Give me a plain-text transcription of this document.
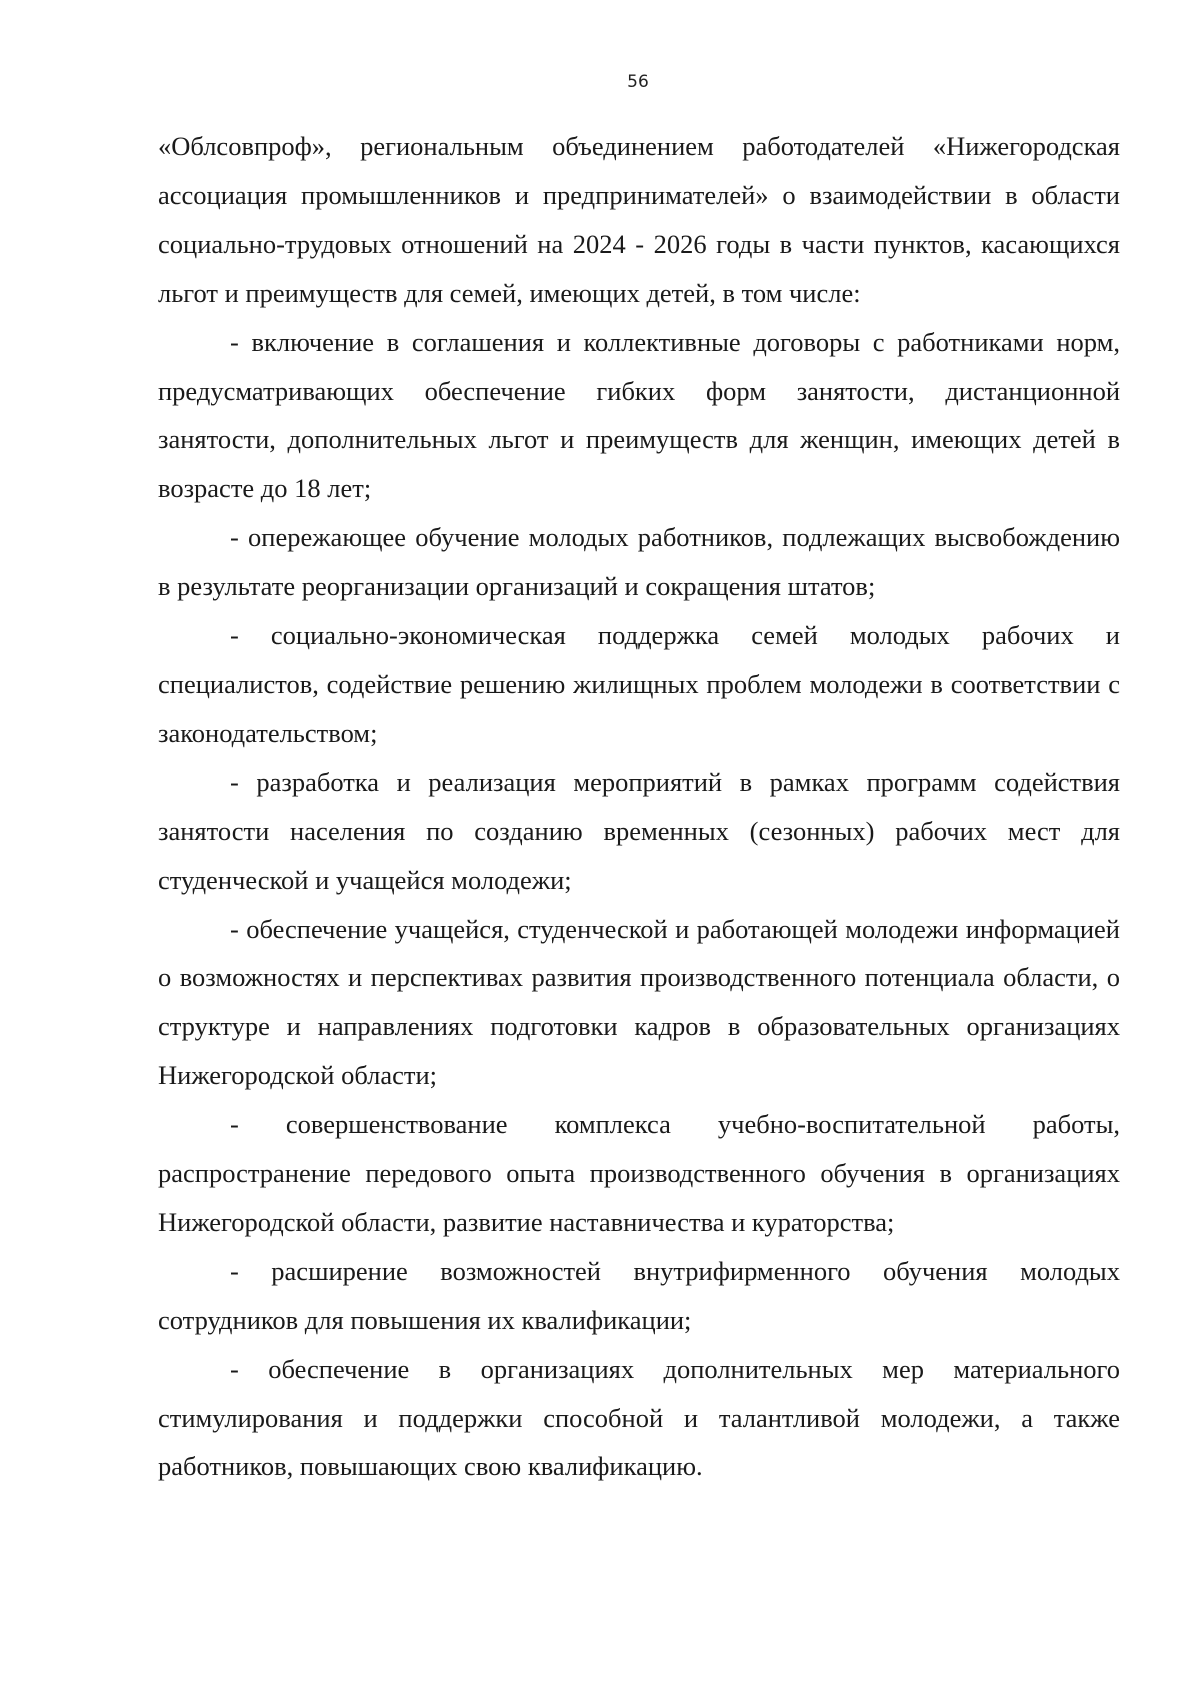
56

«Облсовпроф», региональным объединением работодателей «Нижегородская ассоциация промышленников и предпринимателей» о взаимодействии в области социально-трудовых отношений на 2024 - 2026 годы в части пунктов, касающихся льгот и преимуществ для семей, имеющих детей, в том числе:

- включение в соглашения и коллективные договоры с работниками норм, предусматривающих обеспечение гибких форм занятости, дистанционной занятости, дополнительных льгот и преимуществ для женщин, имеющих детей в возрасте до 18 лет;

- опережающее обучение молодых работников, подлежащих высвобождению в результате реорганизации организаций и сокращения штатов;

- социально-экономическая поддержка семей молодых рабочих и специалистов, содействие решению жилищных проблем молодежи в соответствии с законодательством;

- разработка и реализация мероприятий в рамках программ содействия занятости населения по созданию временных (сезонных) рабочих мест для студенческой и учащейся молодежи;

- обеспечение учащейся, студенческой и работающей молодежи информацией о возможностях и перспективах развития производственного потенциала области, о структуре и направлениях подготовки кадров в образовательных организациях Нижегородской области;

- совершенствование комплекса учебно-воспитательной работы, распространение передового опыта производственного обучения в организациях Нижегородской области, развитие наставничества и кураторства;

- расширение возможностей внутрифирменного обучения молодых сотрудников для повышения их квалификации;

- обеспечение в организациях дополнительных мер материального стимулирования и поддержки способной и талантливой молодежи, а также работников, повышающих свою квалификацию.
